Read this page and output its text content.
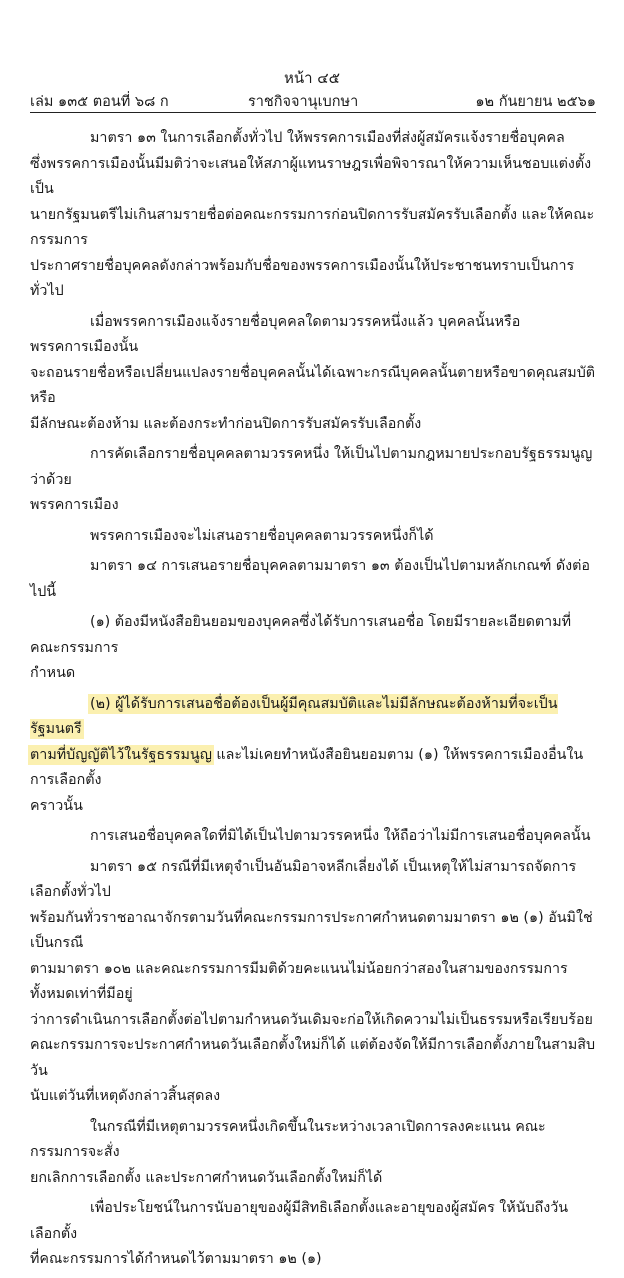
หน้า ๔๕
เล่ม ๑๓๕ ตอนที่ ๖๘ ก	ราชกิจจานุเบกษา	๑๒ กันยายน ๒๕๖๑

มาตรา ๑๓ ในการเลือกตั้งทั่วไป ให้พรรคการเมืองที่ส่งผู้สมัครแจ้งรายชื่อบุคคล
ซึ่งพรรคการเมืองนั้นมีมติว่าจะเสนอให้สภาผู้แทนราษฎรเพื่อพิจารณาให้ความเห็นชอบแต่งตั้งเป็น
นายกรัฐมนตรีไม่เกินสามรายชื่อต่อคณะกรรมการก่อนปิดการรับสมัครรับเลือกตั้ง และให้คณะกรรมการ
ประกาศรายชื่อบุคคลดังกล่าวพร้อมกับชื่อของพรรคการเมืองนั้นให้ประชาชนทราบเป็นการทั่วไป

เมื่อพรรคการเมืองแจ้งรายชื่อบุคคลใดตามวรรคหนึ่งแล้ว บุคคลนั้นหรือพรรคการเมืองนั้น
จะถอนรายชื่อหรือเปลี่ยนแปลงรายชื่อบุคคลนั้นได้เฉพาะกรณีบุคคลนั้นตายหรือขาดคุณสมบัติหรือ
มีลักษณะต้องห้าม และต้องกระทำก่อนปิดการรับสมัครรับเลือกตั้ง

การคัดเลือกรายชื่อบุคคลตามวรรคหนึ่ง ให้เป็นไปตามกฎหมายประกอบรัฐธรรมนูญว่าด้วย
พรรคการเมือง

พรรคการเมืองจะไม่เสนอรายชื่อบุคคลตามวรรคหนึ่งก็ได้

มาตรา ๑๔ การเสนอรายชื่อบุคคลตามมาตรา ๑๓ ต้องเป็นไปตามหลักเกณฑ์ ดังต่อไปนี้

(๑) ต้องมีหนังสือยินยอมของบุคคลซึ่งได้รับการเสนอชื่อ โดยมีรายละเอียดตามที่คณะกรรมการ
กำหนด

(๒) ผู้ได้รับการเสนอชื่อต้องเป็นผู้มีคุณสมบัติและไม่มีลักษณะต้องห้ามที่จะเป็นรัฐมนตรี
ตามที่บัญญัติไว้ในรัฐธรรมนูญ และไม่เคยทำหนังสือยินยอมตาม (๑) ให้พรรคการเมืองอื่นในการเลือกตั้ง
คราวนั้น

การเสนอชื่อบุคคลใดที่มิได้เป็นไปตามวรรคหนึ่ง ให้ถือว่าไม่มีการเสนอชื่อบุคคลนั้น

มาตรา ๑๕ กรณีที่มีเหตุจำเป็นอันมิอาจหลีกเลี่ยงได้ เป็นเหตุให้ไม่สามารถจัดการเลือกตั้งทั่วไป
พร้อมกันทั่วราชอาณาจักรตามวันที่คณะกรรมการประกาศกำหนดตามมาตรา ๑๒ (๑) อันมิใช่เป็นกรณี
ตามมาตรา ๑๐๒ และคณะกรรมการมีมติด้วยคะแนนไม่น้อยกว่าสองในสามของกรรมการทั้งหมดเท่าที่มีอยู่
ว่าการดำเนินการเลือกตั้งต่อไปตามกำหนดวันเดิมจะก่อให้เกิดความไม่เป็นธรรมหรือเรียบร้อย
คณะกรรมการจะประกาศกำหนดวันเลือกตั้งใหม่ก็ได้ แต่ต้องจัดให้มีการเลือกตั้งภายในสามสิบวัน
นับแต่วันที่เหตุดังกล่าวสิ้นสุดลง

ในกรณีที่มีเหตุตามวรรคหนึ่งเกิดขึ้นในระหว่างเวลาเปิดการลงคะแนน คณะกรรมการจะสั่ง
ยกเลิกการเลือกตั้ง และประกาศกำหนดวันเลือกตั้งใหม่ก็ได้

เพื่อประโยชน์ในการนับอายุของผู้มีสิทธิเลือกตั้งและอายุของผู้สมัคร ให้นับถึงวันเลือกตั้ง
ที่คณะกรรมการได้กำหนดไว้ตามมาตรา ๑๒ (๑)
